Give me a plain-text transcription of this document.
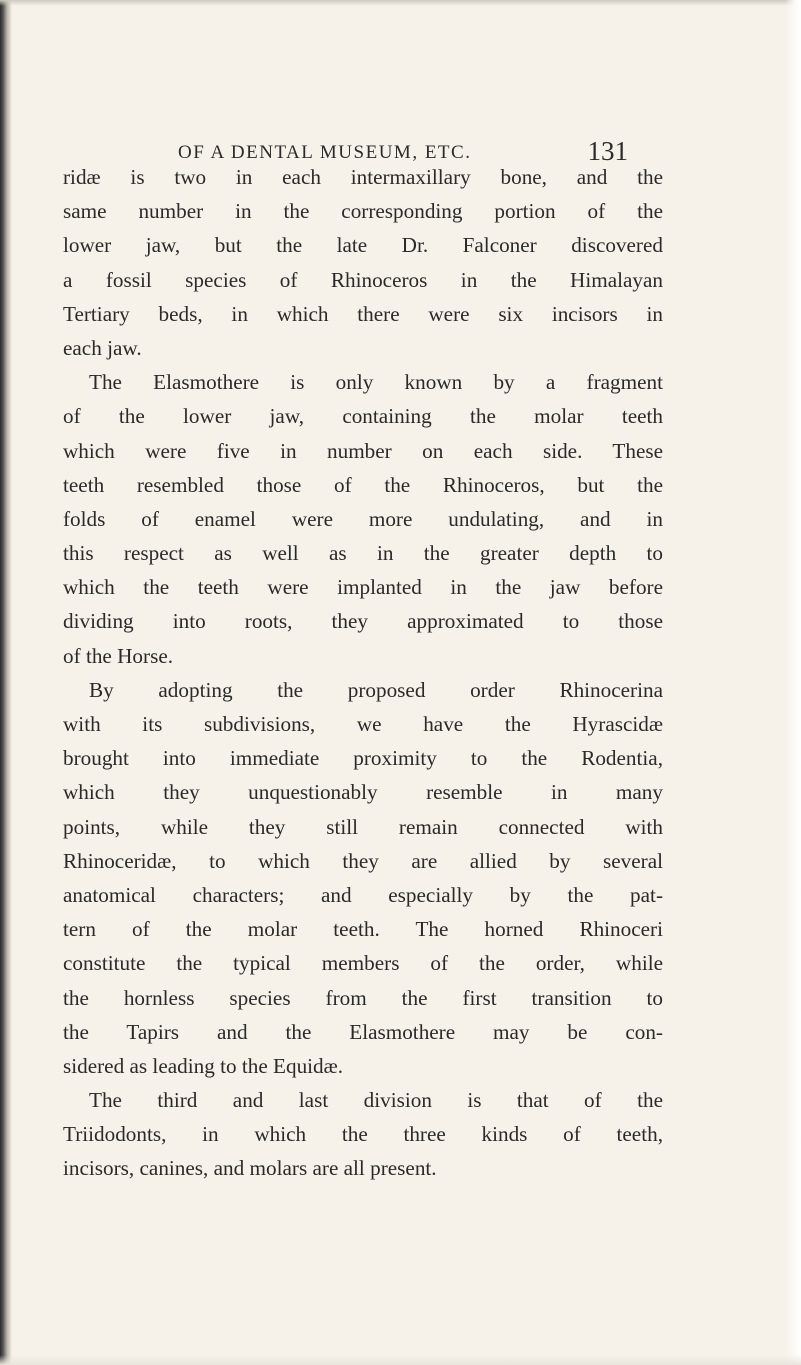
OF A DENTAL MUSEUM, ETC.	131
ridæ is two in each intermaxillary bone, and the
same number in the corresponding portion of the
lower jaw, but the late Dr. Falconer discovered
a fossil species of Rhinoceros in the Himalayan
Tertiary beds, in which there were six incisors in
each jaw.
The Elasmothere is only known by a fragment
of the lower jaw, containing the molar teeth
which were five in number on each side. These
teeth resembled those of the Rhinoceros, but the
folds of enamel were more undulating, and in
this respect as well as in the greater depth to
which the teeth were implanted in the jaw before
dividing into roots, they approximated to those
of the Horse.
By adopting the proposed order Rhinocerina
with its subdivisions, we have the Hyrascidæ
brought into immediate proximity to the Rodentia,
which they unquestionably resemble in many
points, while they still remain connected with
Rhinoceridæ, to which they are allied by several
anatomical characters; and especially by the pat-
tern of the molar teeth. The horned Rhinoceri
constitute the typical members of the order, while
the hornless species from the first transition to
the Tapirs and the Elasmothere may be con-
sidered as leading to the Equidæ.
The third and last division is that of the
Triidodonts, in which the three kinds of teeth,
incisors, canines, and molars are all present.
